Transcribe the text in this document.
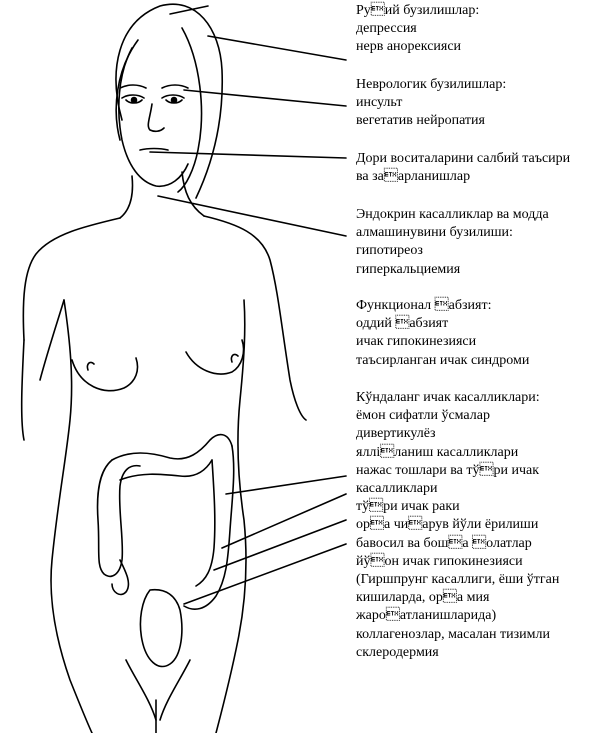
Руий бузилишлар:
депрессия
нерв анорексияси
Неврологик бузилишлар:
инсульт
вегетатив нейропатия
Дори воситаларини салбий таъсири
ва заарланишлар
Эндокрин касалликлар ва модда
алмашинувини бузилиши:
гипотиреоз
гиперкальциемия
Функционал абзият:
оддий абзият
ичак гипокинезияси
таъсирланган ичак синдроми
Кўндаланг ичак касалликлари:
ёмон сифатли ўсмалар
дивертикулёз
ялліланиш касалликлари
нажас тошлари ва тўри ичак
касалликлари
тўри ичак раки
ора чиарув йўли ёрилиши
бавосил ва боша олатлар
йўон ичак гипокинезияси
(Гиршпрунг касаллиги, ёши ўтган
кишиларда, ора мия
жароатланишларида)
коллагенозлар, масалан тизимли
склеродермия
